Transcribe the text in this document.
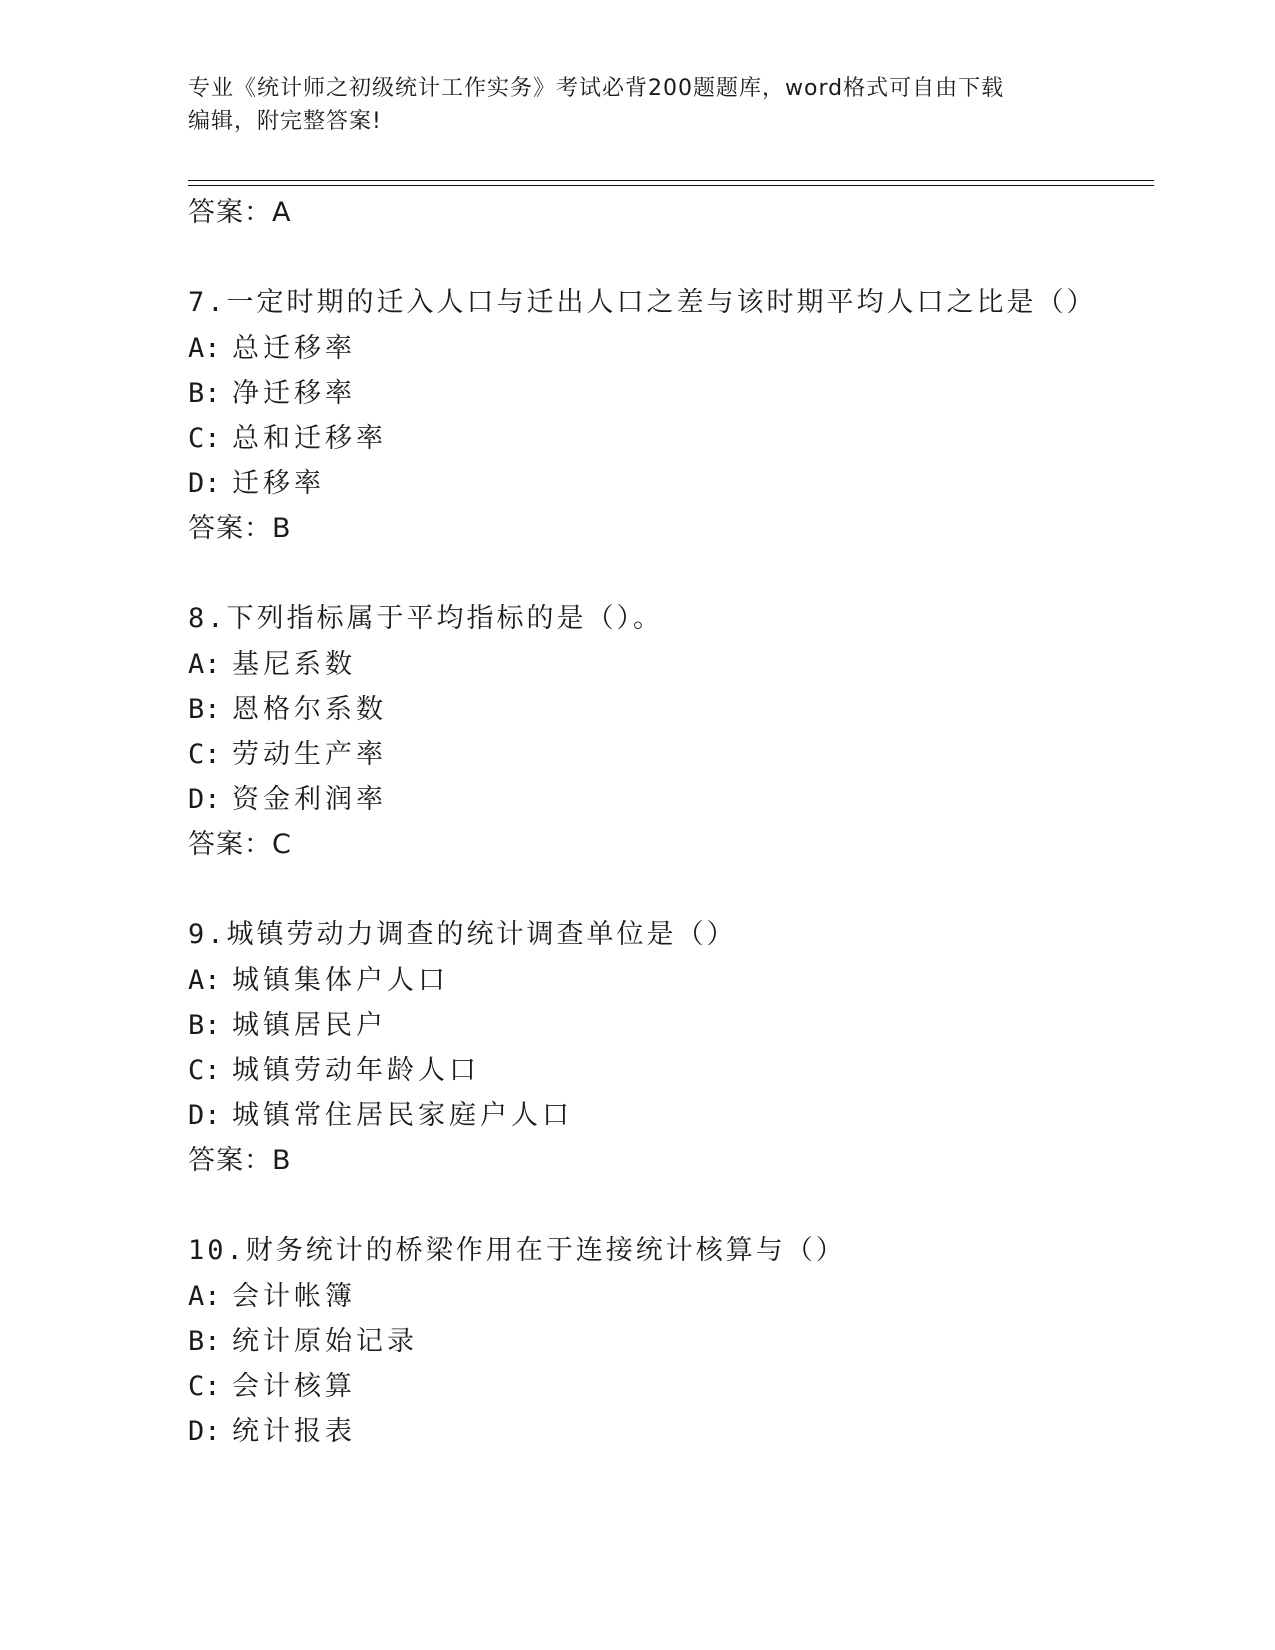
专业《统计师之初级统计工作实务》考试必背200题题库，word格式可自由下载
编辑，附完整答案!
答案：A
7.一定时期的迁入人口与迁出人口之差与该时期平均人口之比是（）
A: 总迁移率
B: 净迁移率
C: 总和迁移率
D: 迁移率
答案：B
8.下列指标属于平均指标的是（）。
A: 基尼系数
B: 恩格尔系数
C: 劳动生产率
D: 资金利润率
答案：C
9.城镇劳动力调查的统计调查单位是（）
A: 城镇集体户人口
B: 城镇居民户
C: 城镇劳动年龄人口
D: 城镇常住居民家庭户人口
答案：B
10.财务统计的桥梁作用在于连接统计核算与（）
A: 会计帐簿
B: 统计原始记录
C: 会计核算
D: 统计报表
